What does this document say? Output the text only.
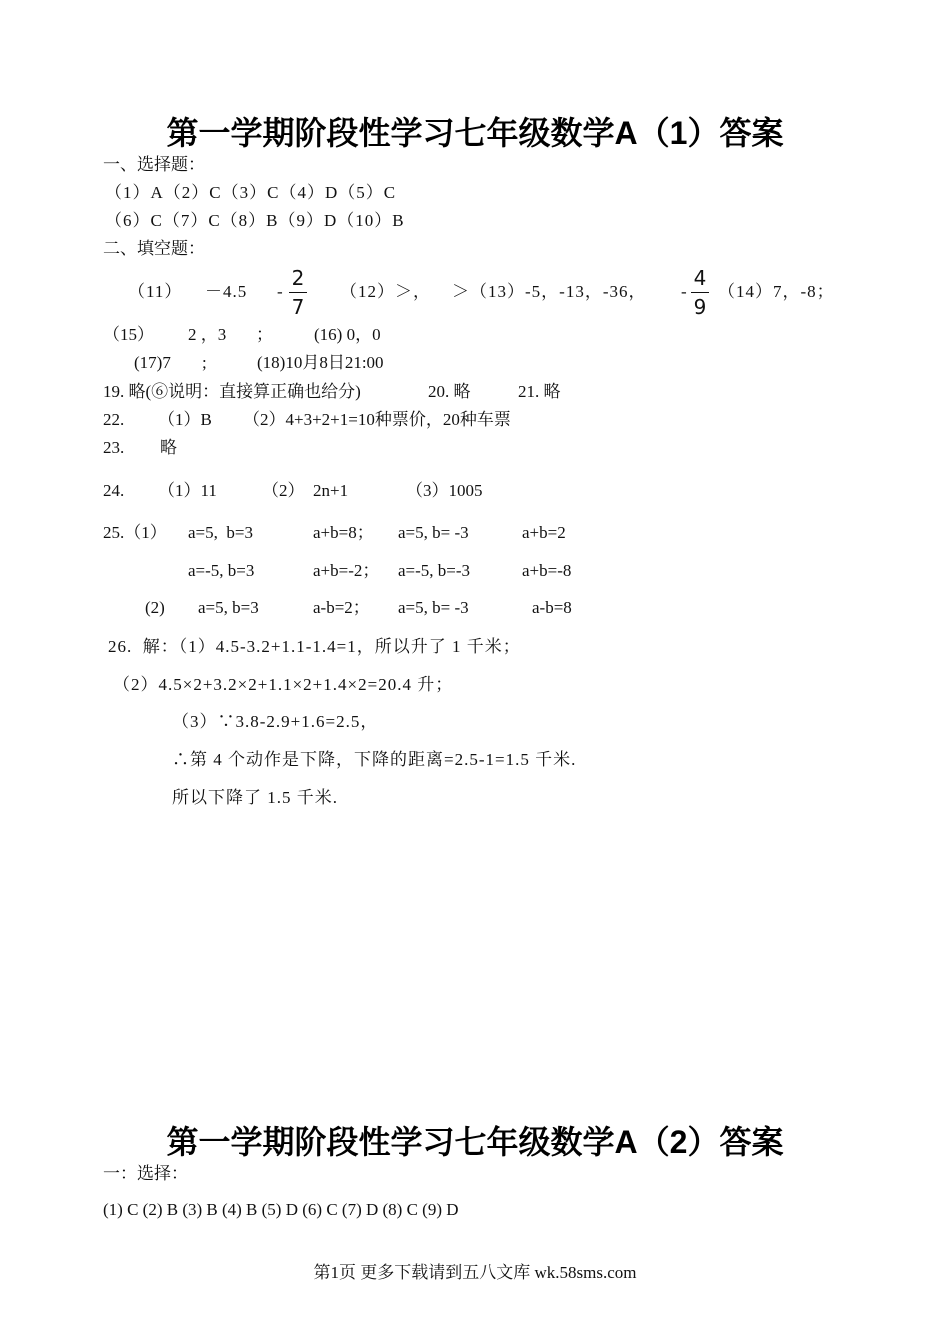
第一学期阶段性学习七年级数学A（1）答案
一、选择题：
（1）A（2）C（3）C（4）D（5）C
（6）C（7）C（8）B（9）D（10）B
二、填空题：
（11） －4.5 -
2
7
（12）＞， ＞ （13）-5，-13，-36， -
4
9
（14）7，-8；
（15） 2 ，3 ； (16) 0，0
(17)7 ;	(18)10月8日21:00
19. 略(⑥说明：直接算正确也给分)	20. 略	21. 略
22. （1）B （2）4+3+2+1=10种票价，20种车票
23. 略
24. （1）11	（2） 2n+1	（3）1005
25.（1） a=5,  b=3	a+b=8； a=5, b= -3	a+b=2
a=-5, b=3	a+b=-2； a=-5, b=-3	a+b=-8
(2) a=5, b=3	a-b=2； a=5, b= -3	a-b=8
26.  解：（1）4.5-3.2+1.1-1.4=1，所以升了 1 千米；
（2）4.5×2+3.2×2+1.1×2+1.4×2=20.4 升；
（3）∵3.8-2.9+1.6=2.5，
∴第 4 个动作是下降，下降的距离=2.5-1=1.5 千米.
所以下降了 1.5 千米.
第一学期阶段性学习七年级数学A（2）答案
一：选择：
(1) C (2) B (3) B (4) B (5) D (6) C (7) D (8) C (9) D
第1页 更多下载请到五八文库 wk.58sms.com
